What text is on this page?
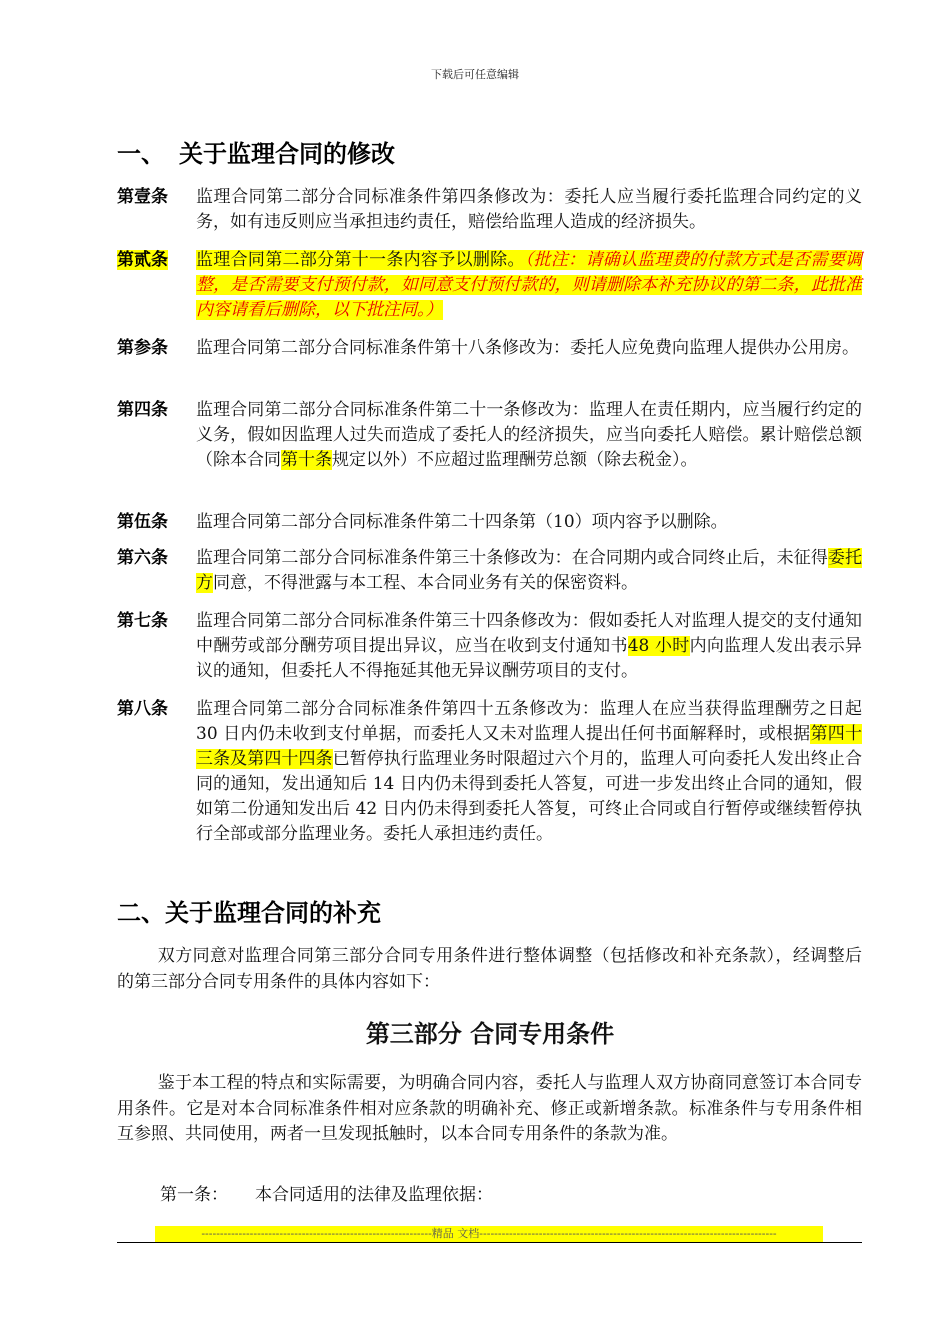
下载后可任意编辑
一、 关于监理合同的修改
第壹条	监理合同第二部分合同标准条件第四条修改为：委托人应当履行委托监理合同约定的义务，如有违反则应当承担违约责任，赔偿给监理人造成的经济损失。
第贰条	监理合同第二部分第十一条内容予以删除。（批注：请确认监理费的付款方式是否需要调整，是否需要支付预付款，如同意支付预付款的，则请删除本补充协议的第二条，此批准内容请看后删除，以下批注同。）
第参条	监理合同第二部分合同标准条件第十八条修改为：委托人应免费向监理人提供办公用房。
第四条	监理合同第二部分合同标准条件第二十一条修改为：监理人在责任期内，应当履行约定的义务，假如因监理人过失而造成了委托人的经济损失，应当向委托人赔偿。累计赔偿总额（除本合同第十条规定以外）不应超过监理酬劳总额（除去税金）。
第伍条	监理合同第二部分合同标准条件第二十四条第（10）项内容予以删除。
第六条	监理合同第二部分合同标准条件第三十条修改为：在合同期内或合同终止后，未征得委托方同意，不得泄露与本工程、本合同业务有关的保密资料。
第七条	监理合同第二部分合同标准条件第三十四条修改为：假如委托人对监理人提交的支付通知中酬劳或部分酬劳项目提出异议，应当在收到支付通知书48 小时内向监理人发出表示异议的通知，但委托人不得拖延其他无异议酬劳项目的支付。
第八条	监理合同第二部分合同标准条件第四十五条修改为：监理人在应当获得监理酬劳之日起 30 日内仍未收到支付单据，而委托人又未对监理人提出任何书面解释时，或根据第四十三条及第四十四条已暂停执行监理业务时限超过六个月的，监理人可向委托人发出终止合同的通知，发出通知后 14 日内仍未得到委托人答复，可进一步发出终止合同的通知，假如第二份通知发出后 42 日内仍未得到委托人答复，可终止合同或自行暂停或继续暂停执行全部或部分监理业务。委托人承担违约责任。
二、关于监理合同的补充
双方同意对监理合同第三部分合同专用条件进行整体调整（包括修改和补充条款），经调整后的第三部分合同专用条件的具体内容如下：
第三部分 合同专用条件
鉴于本工程的特点和实际需要，为明确合同内容，委托人与监理人双方协商同意签订本合同专用条件。它是对本合同标准条件相对应条款的明确补充、修正或新增条款。标准条件与专用条件相互参照、共同使用，两者一旦发现抵触时，以本合同专用条件的条款为准。
第一条：	本合同适用的法律及监理依据：
--------------------------------------------------------------精品 文档--------------------------------------------------------------------------------
